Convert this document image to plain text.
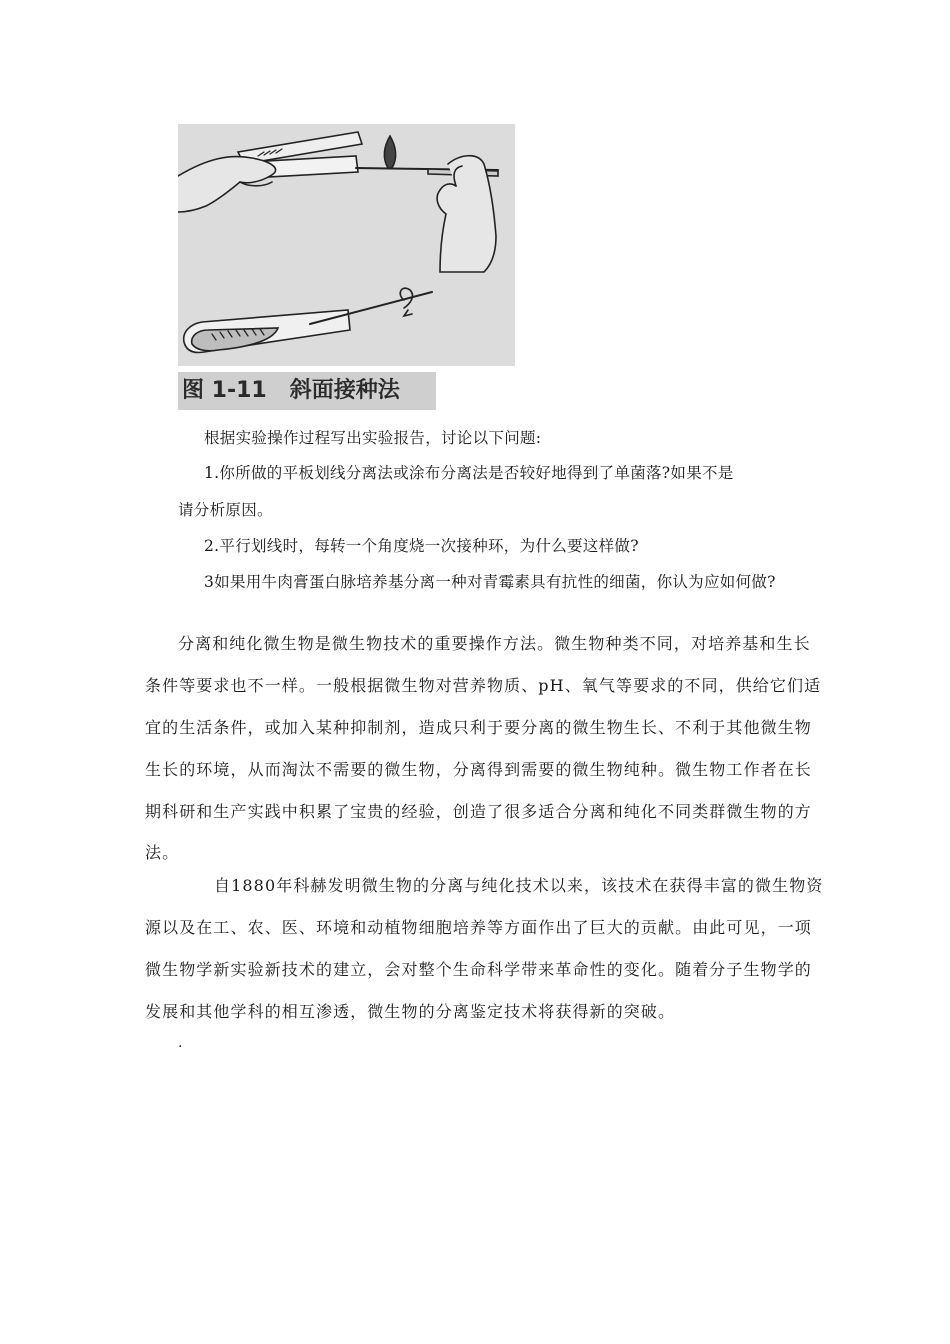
图 1-11   斜面接种法
根据实验操作过程写出实验报告，讨论以下问题:
1.你所做的平板划线分离法或涂布分离法是否较好地得到了单菌落?如果不是
请分析原因。
2.平行划线时，每转一个角度烧一次接种环，为什么要这样做?
3如果用牛肉膏蛋白脉培养基分离一种对青霉素具有抗性的细菌，你认为应如何做?
分离和纯化微生物是微生物技术的重要操作方法。微生物种类不同，对培养基和生长
条件等要求也不一样。一般根据微生物对营养物质、pH、氧气等要求的不同，供给它们适
宜的生活条件，或加入某种抑制剂，造成只利于要分离的微生物生长、不利于其他微生物
生长的环境，从而淘汰不需要的微生物，分离得到需要的微生物纯种。微生物工作者在长
期科研和生产实践中积累了宝贵的经验，创造了很多适合分离和纯化不同类群微生物的方
法。
自1880年科赫发明微生物的分离与纯化技术以来，该技术在获得丰富的微生物资
源以及在工、农、医、环境和动植物细胞培养等方面作出了巨大的贡献。由此可见，一项
微生物学新实验新技术的建立，会对整个生命科学带来革命性的变化。随着分子生物学的
发展和其他学科的相互渗透，微生物的分离鉴定技术将获得新的突破。
.
